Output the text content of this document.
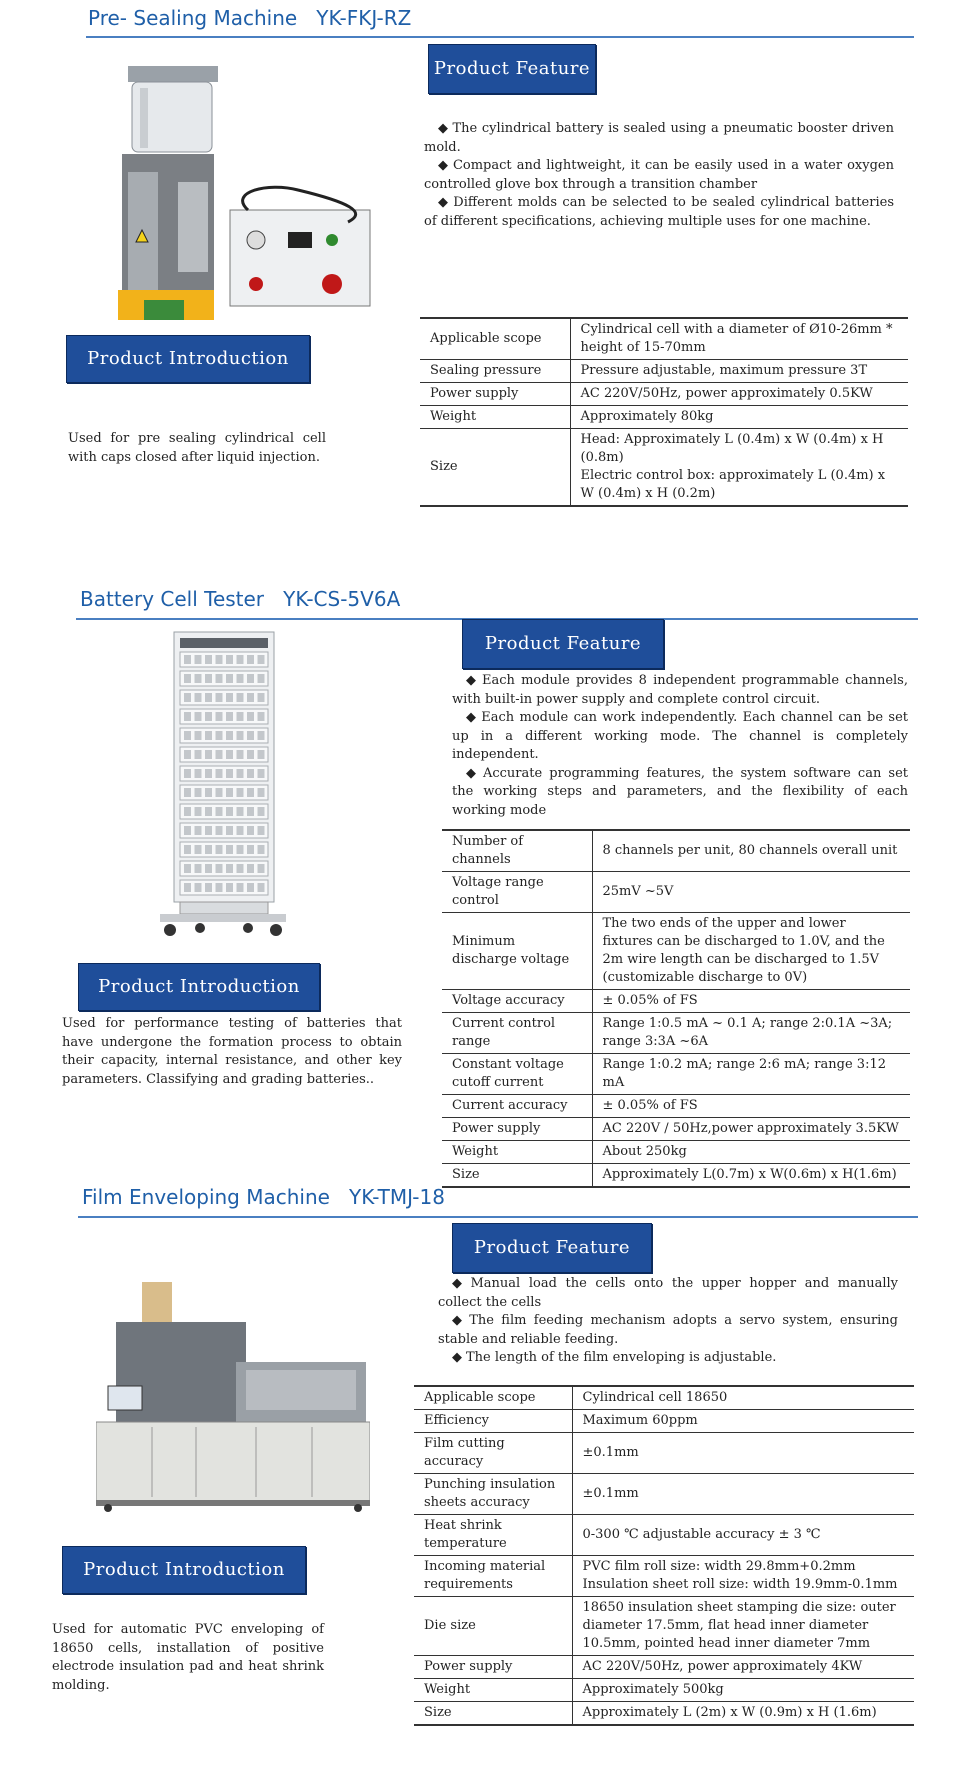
Pre- Sealing Machine   YK-FKJ-RZ
Product Feature

◆ The cylindrical battery is sealed using a pneumatic booster driven mold.

◆ Compact and lightweight, it can be easily used in a water oxygen controlled glove box through a transition chamber

◆ Different molds can be selected to be sealed cylindrical batteries of different specifications, achieving multiple uses for one machine.

Product Introduction
Used for pre sealing cylindrical cell with caps closed after liquid injection.
Applicable scope	Cylindrical cell with a diameter of Ø10-26mm * height of 15-70mm

Sealing pressure	Pressure adjustable, maximum pressure 3T

Power supply	AC 220V/50Hz, power approximately 0.5KW

Weight	Approximately 80kg

Size	Head: Approximately L (0.4m) x W (0.4m) x H (0.8m)
Electric control box: approximately L (0.4m) x W (0.4m) x H (0.2m)
Battery Cell Tester   YK-CS-5V6A
Product Feature

◆ Each module provides 8 independent programmable channels, with built-in power supply and complete control circuit.

◆ Each module can work independently. Each channel can be set up in a different working mode. The channel is completely independent.

◆ Accurate programming features, the system software can set the working steps and parameters, and the flexibility of each working mode

Product Introduction
Used for performance testing of batteries that have undergone the formation process to obtain their capacity, internal resistance, and other key parameters. Classifying and grading batteries..
Number of channels	8 channels per unit, 80 channels overall unit

Voltage range control	25mV ~5V

Minimum discharge voltage	The two ends of the upper and lower fixtures can be discharged to 1.0V, and the 2m wire length can be discharged to 1.5V (customizable discharge to 0V)

Voltage accuracy	± 0.05% of FS

Current control range	Range 1:0.5 mA ~ 0.1 A; range 2:0.1A ~3A; range 3:3A ~6A

Constant voltage cutoff current	Range 1:0.2 mA; range 2:6 mA; range 3:12 mA

Current accuracy	± 0.05% of FS

Power supply	AC 220V / 50Hz,power approximately 3.5KW

Weight	About 250kg

Size	Approximately L(0.7m) x W(0.6m) x H(1.6m)
Film Enveloping Machine   YK-TMJ-18
Product Feature

◆ Manual load the cells onto the upper hopper and manually collect the cells

◆ The film feeding mechanism adopts a servo system, ensuring stable and reliable feeding.

◆ The length of the film enveloping is adjustable.

Product Introduction
Used for automatic PVC enveloping of 18650 cells, installation of positive electrode insulation pad and heat shrink molding.
Applicable scope	Cylindrical cell 18650

Efficiency	Maximum 60ppm

Film cutting accuracy	±0.1mm

Punching insulation sheets accuracy	±0.1mm

Heat shrink temperature	0-300 ℃ adjustable accuracy ± 3 ℃

Incoming material requirements	PVC film roll size: width 29.8mm+0.2mm
Insulation sheet roll size: width 19.9mm-0.1mm

Die size	18650 insulation sheet stamping die size: outer diameter 17.5mm, flat head inner diameter 10.5mm, pointed head inner diameter 7mm

Power supply	AC 220V/50Hz, power approximately 4KW

Weight	Approximately 500kg

Size	Approximately L (2m) x W (0.9m) x H (1.6m)
